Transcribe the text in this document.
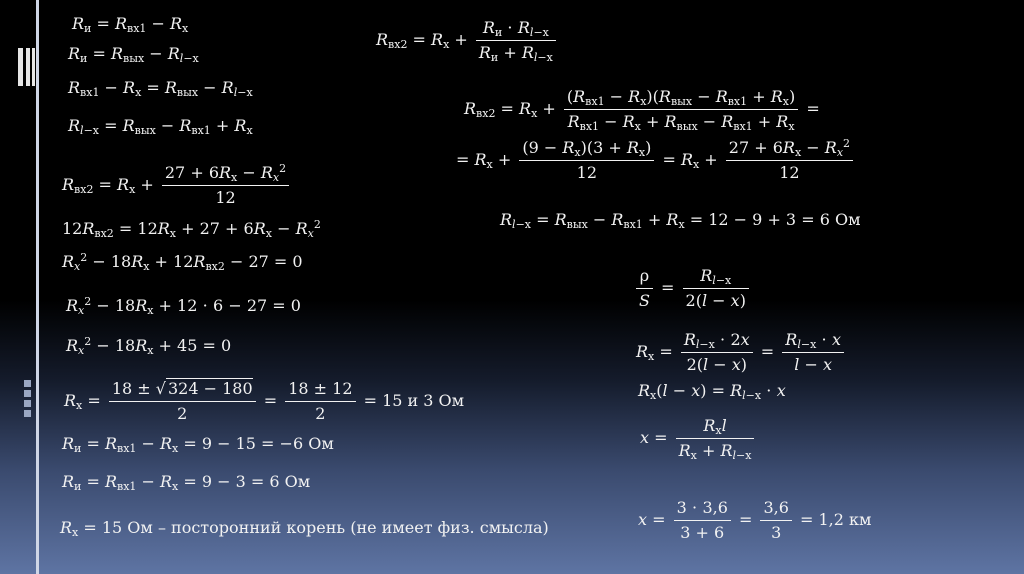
$R_и = R_{вх1} - R_х$
$R_и = R_{вых} - R_{l-х}$
$R_{вх1} - R_х = R_{вых} - R_{l-х}$
$R_{l-х} = R_{вых} - R_{вх1} + R_х$
$R_{вх2} = R_х$ +
$27 + 6R_х - R_x^2$
12
$12R_{вх2} = 12R_х + 27 + 6R_х - R_x^2$
$R_x^2 - 18R_х + 12R_{вх2} - 27 = 0$
$R_x^2 - 18R_х + 12 \cdot 6 - 27 = 0$
$R_x^2 - 18R_х + 45 = 0$
$R_х = \frac{18 \pm √ 324 - 180}{2} = \frac{18 \pm 12}{2} = 15$ и 3 Ом
$R_и = R_{вх1} - R_х = 9 - 15 = -6$ Ом
$R_и = R_{вх1} - R_х = 9 - 3 = 6$ Ом
$R_х = 15$ Ом – посторонний корень (не имеет физ. смысла)
$R_{вх2} = R_х$ +
$R_и \cdot R_{l-х}$
$R_и + R_{l-х}$
$R_{вх2} = R_х$ +
$(R_{вх1} - R_х)(R_{вых} - R_{вх1} + R_х)$
$R_{вх1} - R_х + R_{вых} - R_{вх1} + R_х$
=
= $R_х$ +
$(9 - R_х)(3 + R_х)$
12
= $R_х$ +
$27 + 6R_х - R_x^2$
12
$R_{l-х} = R_{вых} - R_{вх1} + R_х = 12 - 9 + 3 = 6$ Ом
$\frac{\rho}{S}$ =
$R_{l-х}$
2(l − x)
$R_х$ =
$R_{l-х} \cdot 2x$
2(l − x)
=
$R_{l-х} \cdot x$
l − x
$R_х(l - x) = R_{l-х} \cdot x$
x =
$R_хl$
$R_х + R_{l-х}$
$x = \frac{3 \cdot 3,6}{3 + 6} = \frac{3,6}{3} = 1,2$ км
